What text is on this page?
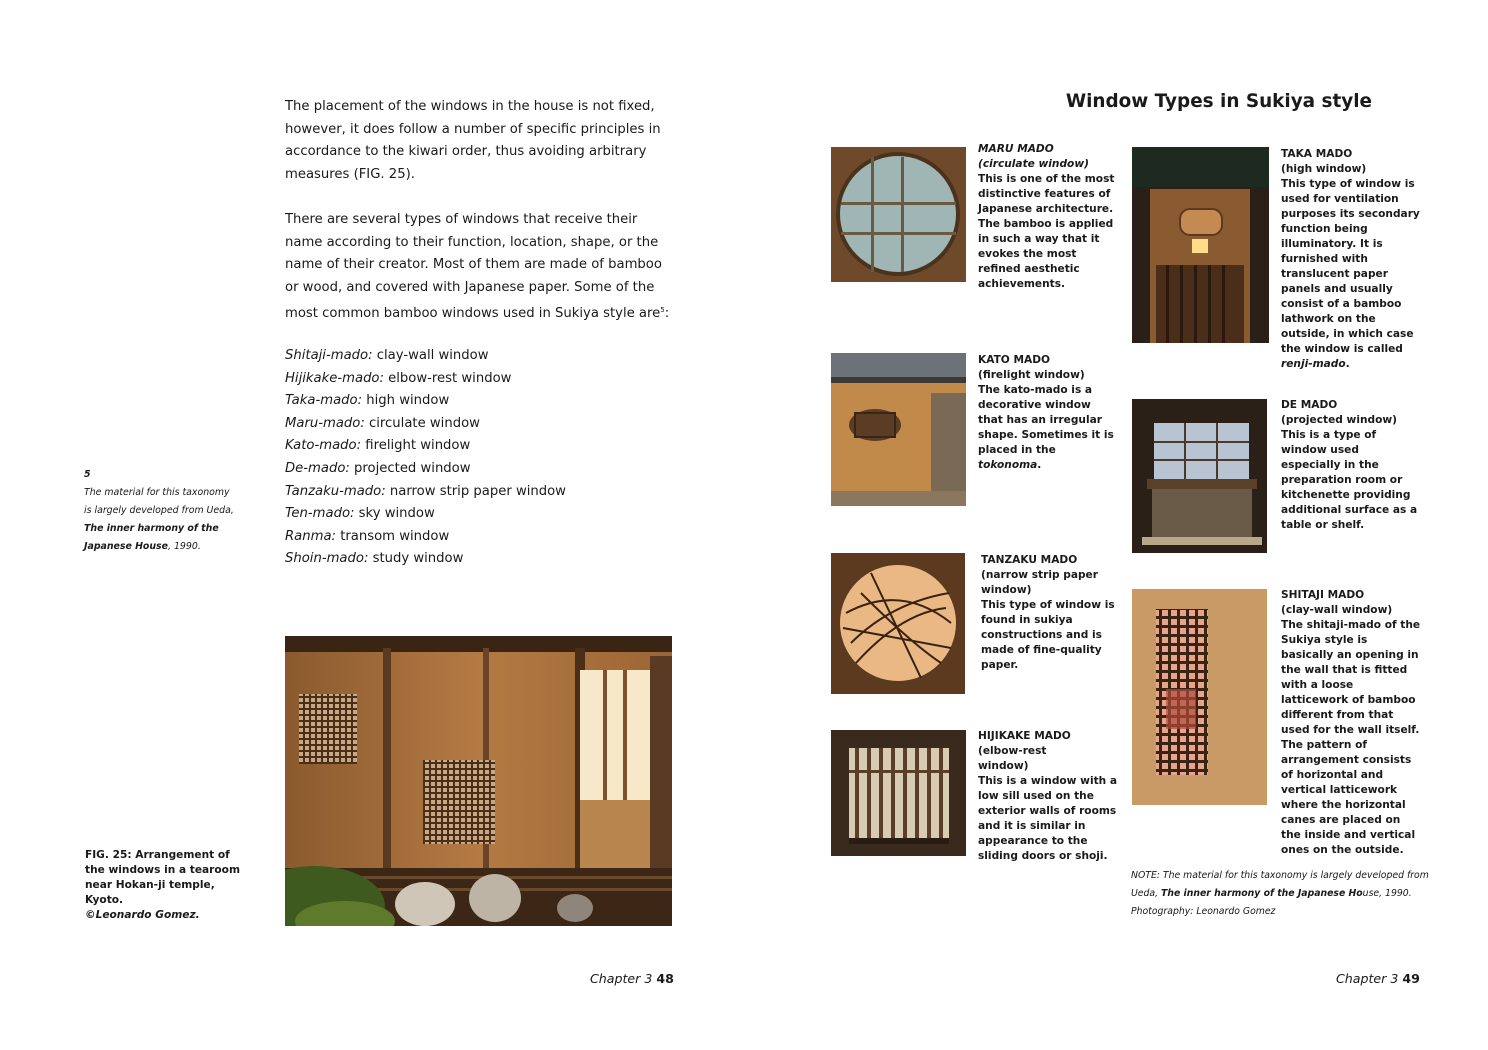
The placement of the windows in the house is not fixed, however, it does follow a number of specific principles in accordance to the kiwari order, thus avoiding arbitrary measures (FIG. 25).

There are several types of windows that receive their name according to their function, location, shape, or the name of their creator. Most of them are made of bamboo or wood, and covered with Japanese paper. Some of the most common bamboo windows used in Sukiya style are$^5$:

Shitaji-mado: clay-wall window
Hijikake-mado: elbow-rest window
Taka-mado: high window
Maru-mado: circulate window
Kato-mado: firelight window
De-mado: projected window
Tanzaku-mado: narrow strip paper window
Ten-mado: sky window
Ranma: transom window
Shoin-mado: study window
5
The material for this taxonomy is largely developed from Ueda, The inner harmony of the Japanese House, 1990.
FIG. 25: Arrangement of the windows in a tearoom near Hokan-ji temple, Kyoto.
©Leonardo Gomez.
Chapter 3 48
Window Types in Sukiya style
MARU MADO
(circulate window)
This is one of the most distinctive features of Japanese architecture. The bamboo is applied in such a way that it evokes the most refined aesthetic achievements.
KATO MADO
(firelight window)
The kato-mado is a decorative window that has an irregular shape. Sometimes it is placed in the tokonoma.
TANZAKU MADO
(narrow strip paper window)
This type of window is found in sukiya constructions and is made of fine-quality paper.
HIJIKAKE MADO
(elbow-rest window)
This is a window with a low sill used on the exterior walls of rooms and it is similar in appearance to the sliding doors or shoji.
TAKA MADO
(high window)
This type of window is used for ventilation purposes its secondary function being illuminatory. It is furnished with translucent paper panels and usually consist of a bamboo lathwork on the outside, in which case the window is called renji-mado.
DE MADO
(projected window)
This is a type of window used especially in the preparation room or kitchenette providing additional surface as a table or shelf.
SHITAJI MADO
(clay-wall window)
The shitaji-mado of the Sukiya style is basically an opening in the wall that is fitted with a loose latticework of bamboo different from that used for the wall itself. The pattern of arrangement consists of horizontal and vertical latticework where the horizontal canes are placed on the inside and vertical ones on the outside.
NOTE: The material for this taxonomy is largely developed from Ueda, The inner harmony of the Japanese House, 1990.
Photography: Leonardo Gomez
Chapter 3 49
